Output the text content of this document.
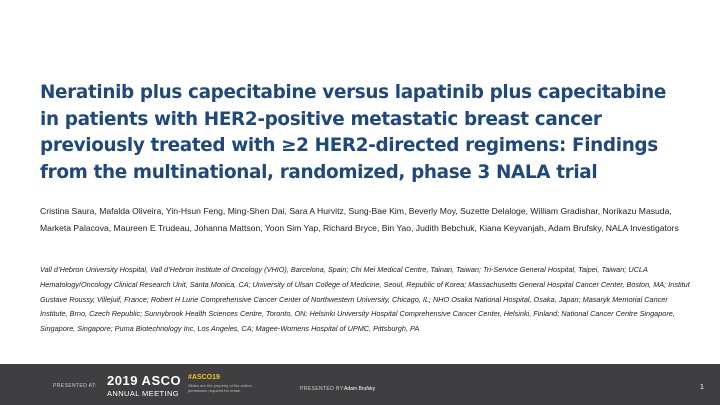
Neratinib plus capecitabine versus lapatinib plus capecitabine in patients with HER2-positive metastatic breast cancer previously treated with ≥2 HER2-directed regimens: Findings from the multinational, randomized, phase 3 NALA trial

Cristina Saura, Mafalda Oliveira, Yin-Hsun Feng, Ming-Shen Dai, Sara A Hurvitz, Sung-Bae Kim, Beverly Moy, Suzette Delaloge, William Gradishar, Norikazu Masuda, Marketa Palacova, Maureen E Trudeau, Johanna Mattson, Yoon Sim Yap, Richard Bryce, Bin Yao, Judith Bebchuk, Kiana Keyvanjah, Adam Brufsky, NALA Investigators

Vall d’Hebron University Hospital, Vall d’Hebron Institute of Oncology (VHIO), Barcelona, Spain; Chi Mei Medical Centre, Tainan, Taiwan; Tri-Service General Hospital, Taipei, Taiwan; UCLA Hematology/Oncology Clinical Research Unit, Santa Monica, CA; University of Ulsan College of Medicine, Seoul, Republic of Korea; Massachusetts General Hospital Cancer Center, Boston, MA; Institut Gustave Roussy, Villejuif, France; Robert H Lurie Comprehensive Cancer Center of Northwestern University, Chicago, IL; NHO Osaka National Hospital, Osaka, Japan; Masaryk Memorial Cancer Institute, Brno, Czech Republic; Sunnybrook Health Sciences Centre, Toronto, ON; Helsinki University Hospital Comprehensive Cancer Center, Helsinki, Finland; National Cancer Centre Singapore, Singapore, Singapore; Puma Biotechnology Inc, Los Angeles, CA; Magee-Womens Hospital of UPMC, Pittsburgh, PA

PRESENTED AT: 2019 ASCO
ANNUAL MEETING
#ASCO19
Slides are the property of the author, permission required for reuse.	PRESENTED BY: Adam Brufsky	1
